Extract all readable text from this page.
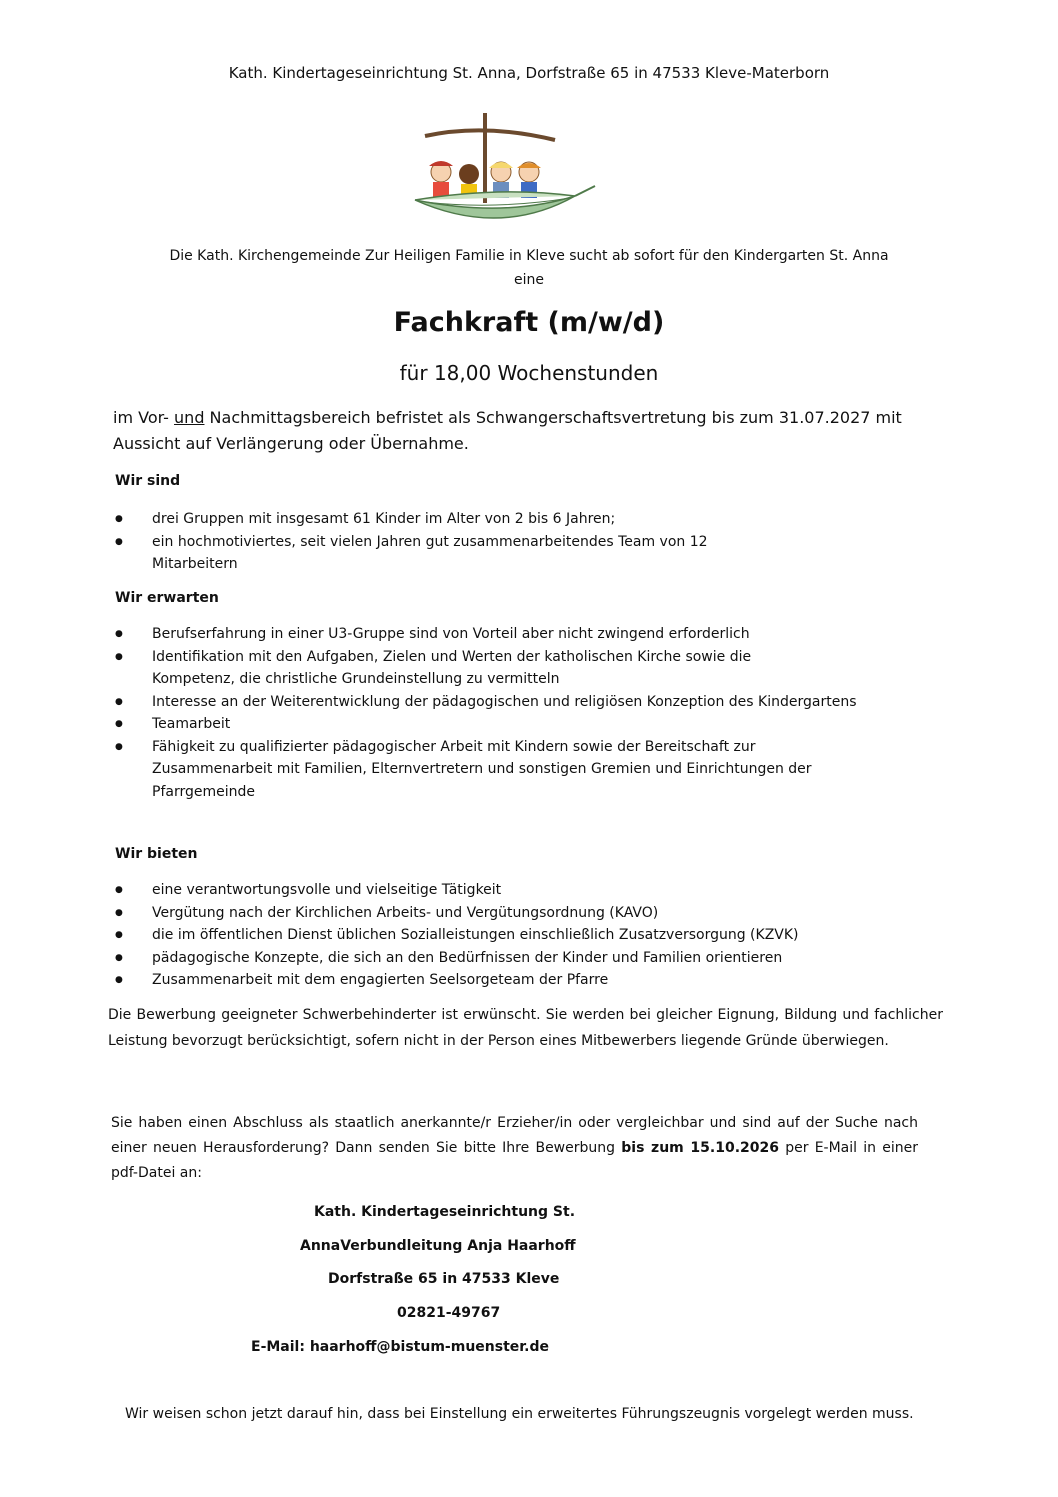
Kath. Kindertageseinrichtung St. Anna, Dorfstraße 65 in 47533 Kleve-Materborn
Die Kath. Kirchengemeinde Zur Heiligen Familie in Kleve sucht ab sofort für den Kindergarten St. Anna
eine
Fachkraft (m/w/d)
für 18,00 Wochenstunden
im Vor- und Nachmittagsbereich befristet als Schwangerschaftsvertretung bis zum 31.07.2027 mit Aussicht auf Verlängerung oder Übernahme.
Wir sind
● drei Gruppen mit insgesamt 61 Kinder im Alter von 2 bis 6 Jahren;
● ein hochmotiviertes, seit vielen Jahren gut zusammenarbeitendes Team von 12 Mitarbeitern
Wir erwarten
● Berufserfahrung in einer U3-Gruppe sind von Vorteil aber nicht zwingend erforderlich
● Identifikation mit den Aufgaben, Zielen und Werten der katholischen Kirche sowie die Kompetenz, die christliche Grundeinstellung zu vermitteln
● Interesse an der Weiterentwicklung der pädagogischen und religiösen Konzeption des Kindergartens
● Teamarbeit
● Fähigkeit zu qualifizierter pädagogischer Arbeit mit Kindern sowie der Bereitschaft zur Zusammenarbeit mit Familien, Elternvertretern und sonstigen Gremien und Einrichtungen der Pfarrgemeinde
Wir bieten
● eine verantwortungsvolle und vielseitige Tätigkeit
● Vergütung nach der Kirchlichen Arbeits- und Vergütungsordnung (KAVO)
● die im öffentlichen Dienst üblichen Sozialleistungen einschließlich Zusatzversorgung (KZVK)
● pädagogische Konzepte, die sich an den Bedürfnissen der Kinder und Familien orientieren
● Zusammenarbeit mit dem engagierten Seelsorgeteam der Pfarre
Die Bewerbung geeigneter Schwerbehinderter ist erwünscht. Sie werden bei gleicher Eignung, Bildung und fachlicher Leistung bevorzugt berücksichtigt, sofern nicht in der Person eines Mitbewerbers liegende Gründe überwiegen.
Sie haben einen Abschluss als staatlich anerkannte/r Erzieher/in oder vergleichbar und sind auf der Suche nach einer neuen Herausforderung? Dann senden Sie bitte Ihre Bewerbung bis zum 15.10.2026 per E-Mail in einer pdf-Datei an:
Kath. Kindertageseinrichtung St.
AnnaVerbundleitung Anja Haarhoff
Dorfstraße 65 in 47533 Kleve
02821-49767
E-Mail: haarhoff@bistum-muenster.de
Wir weisen schon jetzt darauf hin, dass bei Einstellung ein erweitertes Führungszeugnis vorgelegt werden muss.
